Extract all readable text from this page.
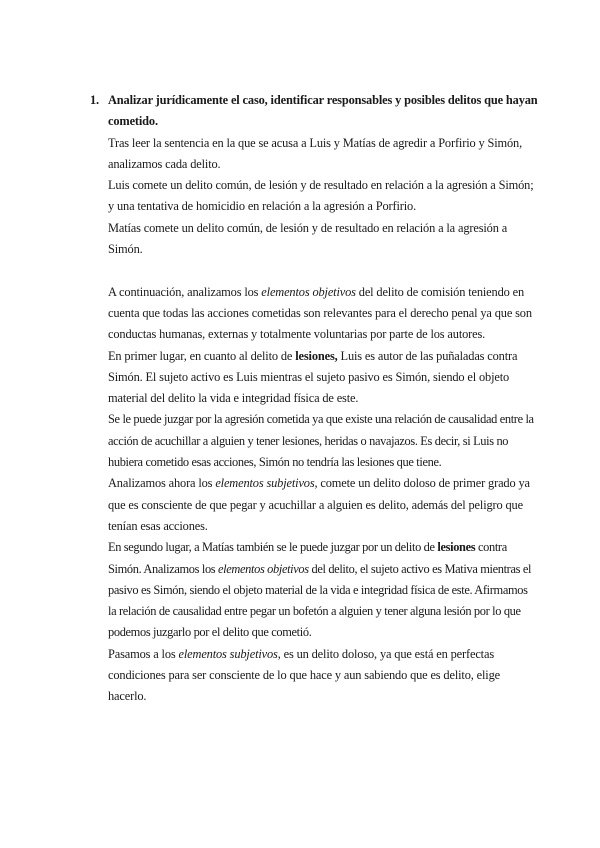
1. Analizar jurídicamente el caso, identificar responsables y posibles delitos que hayan cometido.

Tras leer la sentencia en la que se acusa a Luis y Matías de agredir a Porfirio y Simón, analizamos cada delito.

Luis comete un delito común, de lesión y de resultado en relación a la agresión a Simón; y una tentativa de homicidio en relación a la agresión a Porfirio.

Matías comete un delito común, de lesión y de resultado en relación a la agresión a Simón.

A continuación, analizamos los elementos objetivos del delito de comisión teniendo en cuenta que todas las acciones cometidas son relevantes para el derecho penal ya que son conductas humanas, externas y totalmente voluntarias por parte de los autores.

En primer lugar, en cuanto al delito de lesiones, Luis es autor de las puñaladas contra Simón. El sujeto activo es Luis mientras el sujeto pasivo es Simón, siendo el objeto material del delito la vida e integridad física de este.

Se le puede juzgar por la agresión cometida ya que existe una relación de causalidad entre la acción de acuchillar a alguien y tener lesiones, heridas o navajazos. Es decir, si Luis no hubiera cometido esas acciones, Simón no tendría las lesiones que tiene.

Analizamos ahora los elementos subjetivos, comete un delito doloso de primer grado ya que es consciente de que pegar y acuchillar a alguien es delito, además del peligro que tenían esas acciones.

En segundo lugar, a Matías también se le puede juzgar por un delito de lesiones contra Simón. Analizamos los elementos objetivos del delito, el sujeto activo es Mativa mientras el pasivo es Simón, siendo el objeto material de la vida e integridad física de este. Afirmamos la relación de causalidad entre pegar un bofetón a alguien y tener alguna lesión por lo que podemos juzgarlo por el delito que cometió.

Pasamos a los elementos subjetivos, es un delito doloso, ya que está en perfectas condiciones para ser consciente de lo que hace y aun sabiendo que es delito, elige hacerlo.
